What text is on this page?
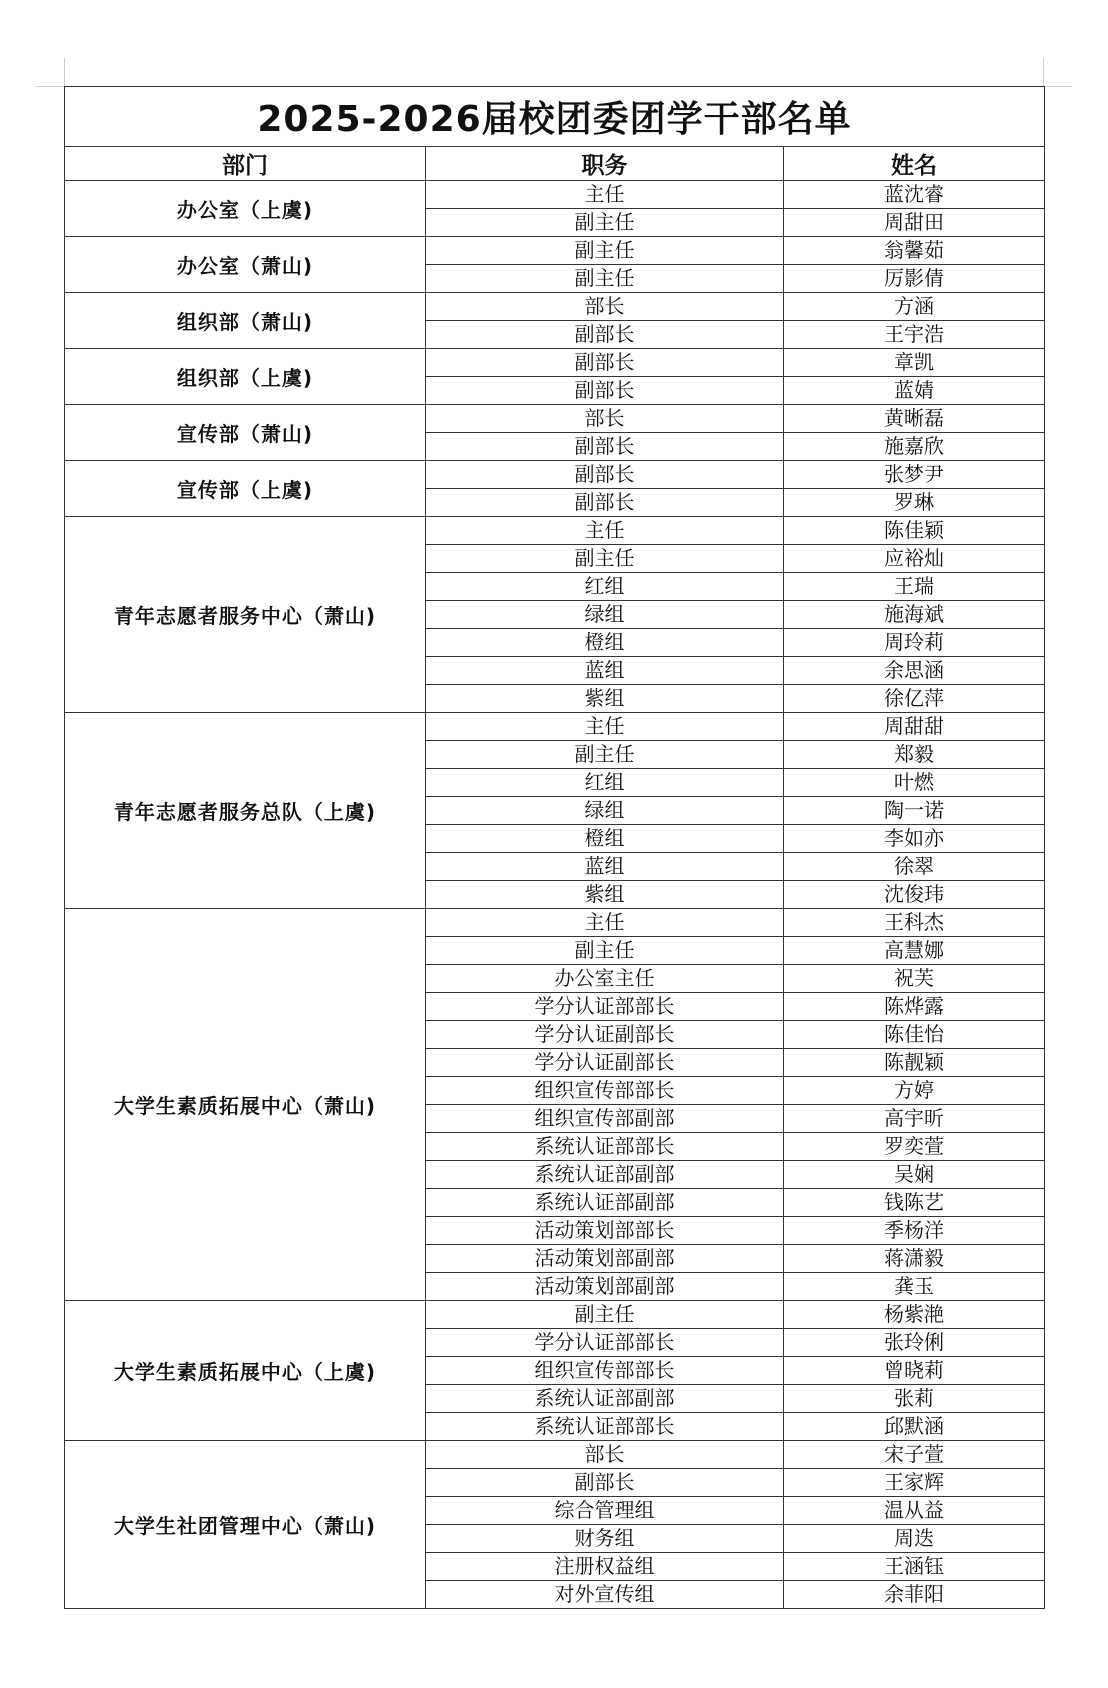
2025-2026届校团委团学干部名单		
部门	职务	姓名
办公室（上虞)	主任	蓝沈睿
	副主任	周甜田
办公室（萧山)	副主任	翁馨茹
	副主任	厉影倩
组织部（萧山)	部长	方涵
	副部长	王宇浩
组织部（上虞)	副部长	章凯
	副部长	蓝婧
宣传部（萧山)	部长	黄晰磊
	副部长	施嘉欣
宣传部（上虞)	副部长	张梦尹
	副部长	罗琳
青年志愿者服务中心（萧山)	主任	陈佳颖
	副主任	应裕灿
	红组	王瑞
	绿组	施海斌
	橙组	周玲莉
	蓝组	余思涵
	紫组	徐亿萍
青年志愿者服务总队（上虞)	主任	周甜甜
	副主任	郑毅
	红组	叶燃
	绿组	陶一诺
	橙组	李如亦
	蓝组	徐翠
	紫组	沈俊玮
大学生素质拓展中心（萧山)	主任	王科杰
	副主任	高慧娜
	办公室主任	祝芙
	学分认证部部长	陈烨露
	学分认证副部长	陈佳怡
	学分认证副部长	陈靓颖
	组织宣传部部长	方婷
	组织宣传部副部	高宇昕
	系统认证部部长	罗奕萱
	系统认证部副部	吴娴
	系统认证部副部	钱陈艺
	活动策划部部长	季杨洋
	活动策划部副部	蒋潇毅
	活动策划部副部	龚玉
大学生素质拓展中心（上虞)	副主任	杨紫滟
	学分认证部部长	张玲俐
	组织宣传部部长	曾晓莉
	系统认证部副部	张莉
	系统认证部部长	邱默涵
大学生社团管理中心（萧山)	部长	宋子萱
	副部长	王家辉
	综合管理组	温从益
	财务组	周迭
	注册权益组	王涵钰
	对外宣传组	余菲阳
